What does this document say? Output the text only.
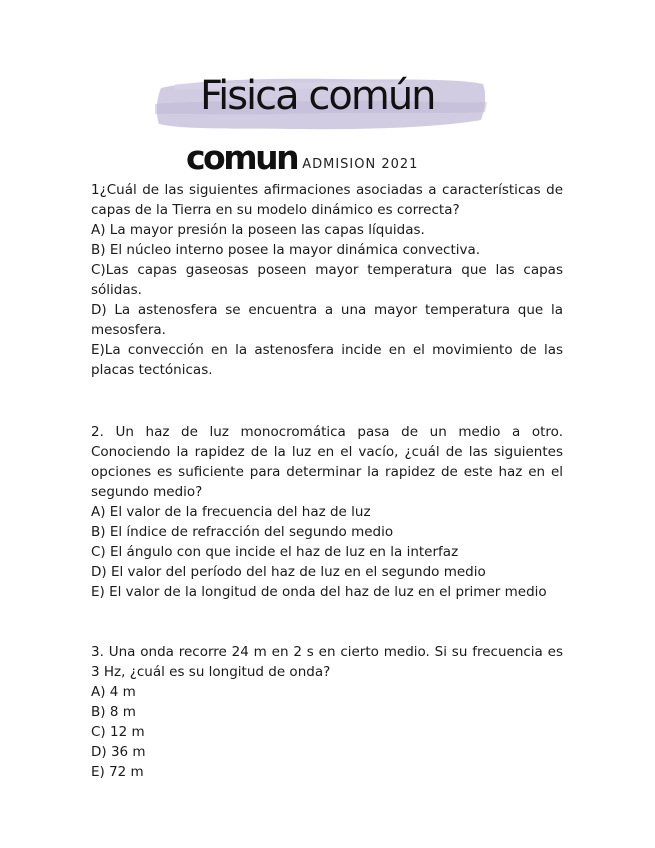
Fisica común
comun $^{ADMISION 2021}$

1¿Cuál de las siguientes afirmaciones asociadas a características de capas de la Tierra en su modelo dinámico es correcta?

A) La mayor presión la poseen las capas líquidas.

B) El núcleo interno posee la mayor dinámica convectiva.

C)Las capas gaseosas poseen mayor temperatura que las capas sólidas.

D) La astenosfera se encuentra a una mayor temperatura que la mesosfera.

E)La convección en la astenosfera incide en el movimiento de las placas tectónicas.

2. Un haz de luz monocromática pasa de un medio a otro. Conociendo la rapidez de la luz en el vacío, ¿cuál de las siguientes opciones es suficiente para determinar la rapidez de este haz en el segundo medio?

A) El valor de la frecuencia del haz de luz

B) El índice de refracción del segundo medio

C) El ángulo con que incide el haz de luz en la interfaz

D) El valor del período del haz de luz en el segundo medio

E) El valor de la longitud de onda del haz de luz en el primer medio

3. Una onda recorre 24 m en 2 s en cierto medio. Si su frecuencia es 3 Hz, ¿cuál es su longitud de onda?

A) 4 m

B) 8 m

C) 12 m

D) 36 m

E) 72 m
